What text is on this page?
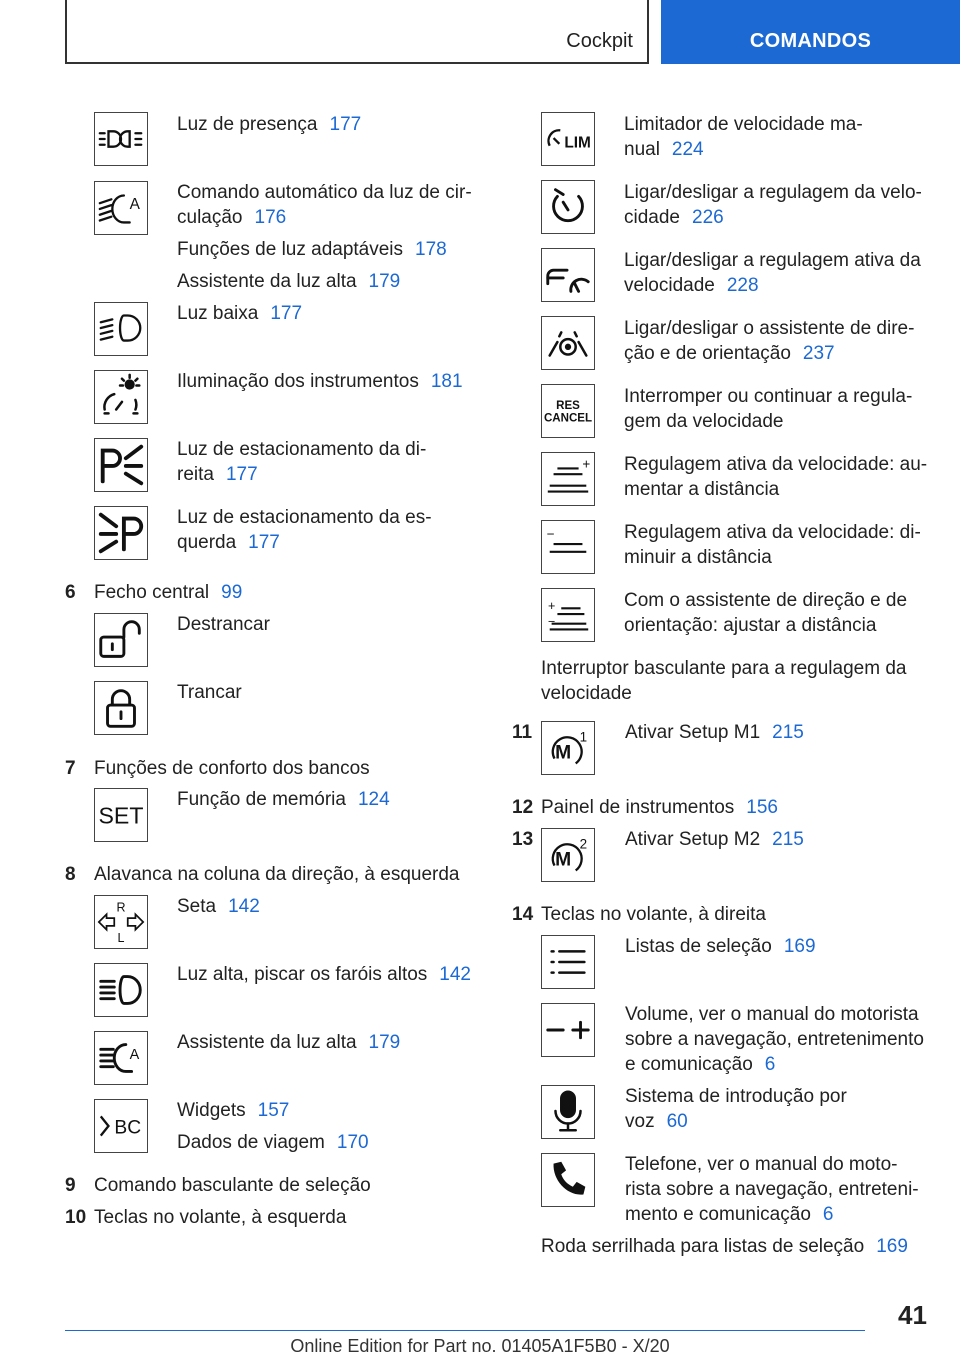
Cockpit	COMANDOS
Luz de presença 177
A
Comando automático da luz de cir-
culação 176
Funções de luz adaptáveis 178
Assistente da luz alta 179
Luz baixa 177
Iluminação dos instrumentos 181
Luz de estacionamento da di-
reita 177
Luz de estacionamento da es-
querda 177
6 Fecho central 99
Destrancar
Trancar
7 Funções de conforto dos bancos
SET
Função de memória 124
8 Alavanca na coluna da direção, à esquerda
R
L
Seta 142
Luz alta, piscar os faróis altos 142
A
Assistente da luz alta 179
BC
Widgets 157
Dados de viagem 170
9 Comando basculante de seleção
10 Teclas no volante, à esquerda
LIM
Limitador de velocidade ma-
nual 224
Ligar/desligar a regulagem da velo-
cidade 226
Ligar/desligar a regulagem ativa da
velocidade 228
Ligar/desligar o assistente de dire-
ção e de orientação 237
RES
CANCEL
Interromper ou continuar a regula-
gem da velocidade
+ Regulagem ativa da velocidade: au-
mentar a distância
−	Regulagem ativa da velocidade: di-
minuir a distância
+
−
Com o assistente de direção e de
orientação: ajustar a distância
Interruptor basculante para a regulagem da
velocidade
11
M
1 Ativar Setup M1 215
12 Painel de instrumentos 156
13
M
2 Ativar Setup M2 215
14 Teclas no volante, à direita
Listas de seleção 169
Volume, ver o manual do motorista
sobre a navegação, entretenimento
e comunicação 6
Sistema de introdução por
voz 60
Telefone, ver o manual do moto-
rista sobre a navegação, entreteni-
mento e comunicação 6
Roda serrilhada para listas de seleção 169
41
Online Edition for Part no. 01405A1F5B0 - X/20
